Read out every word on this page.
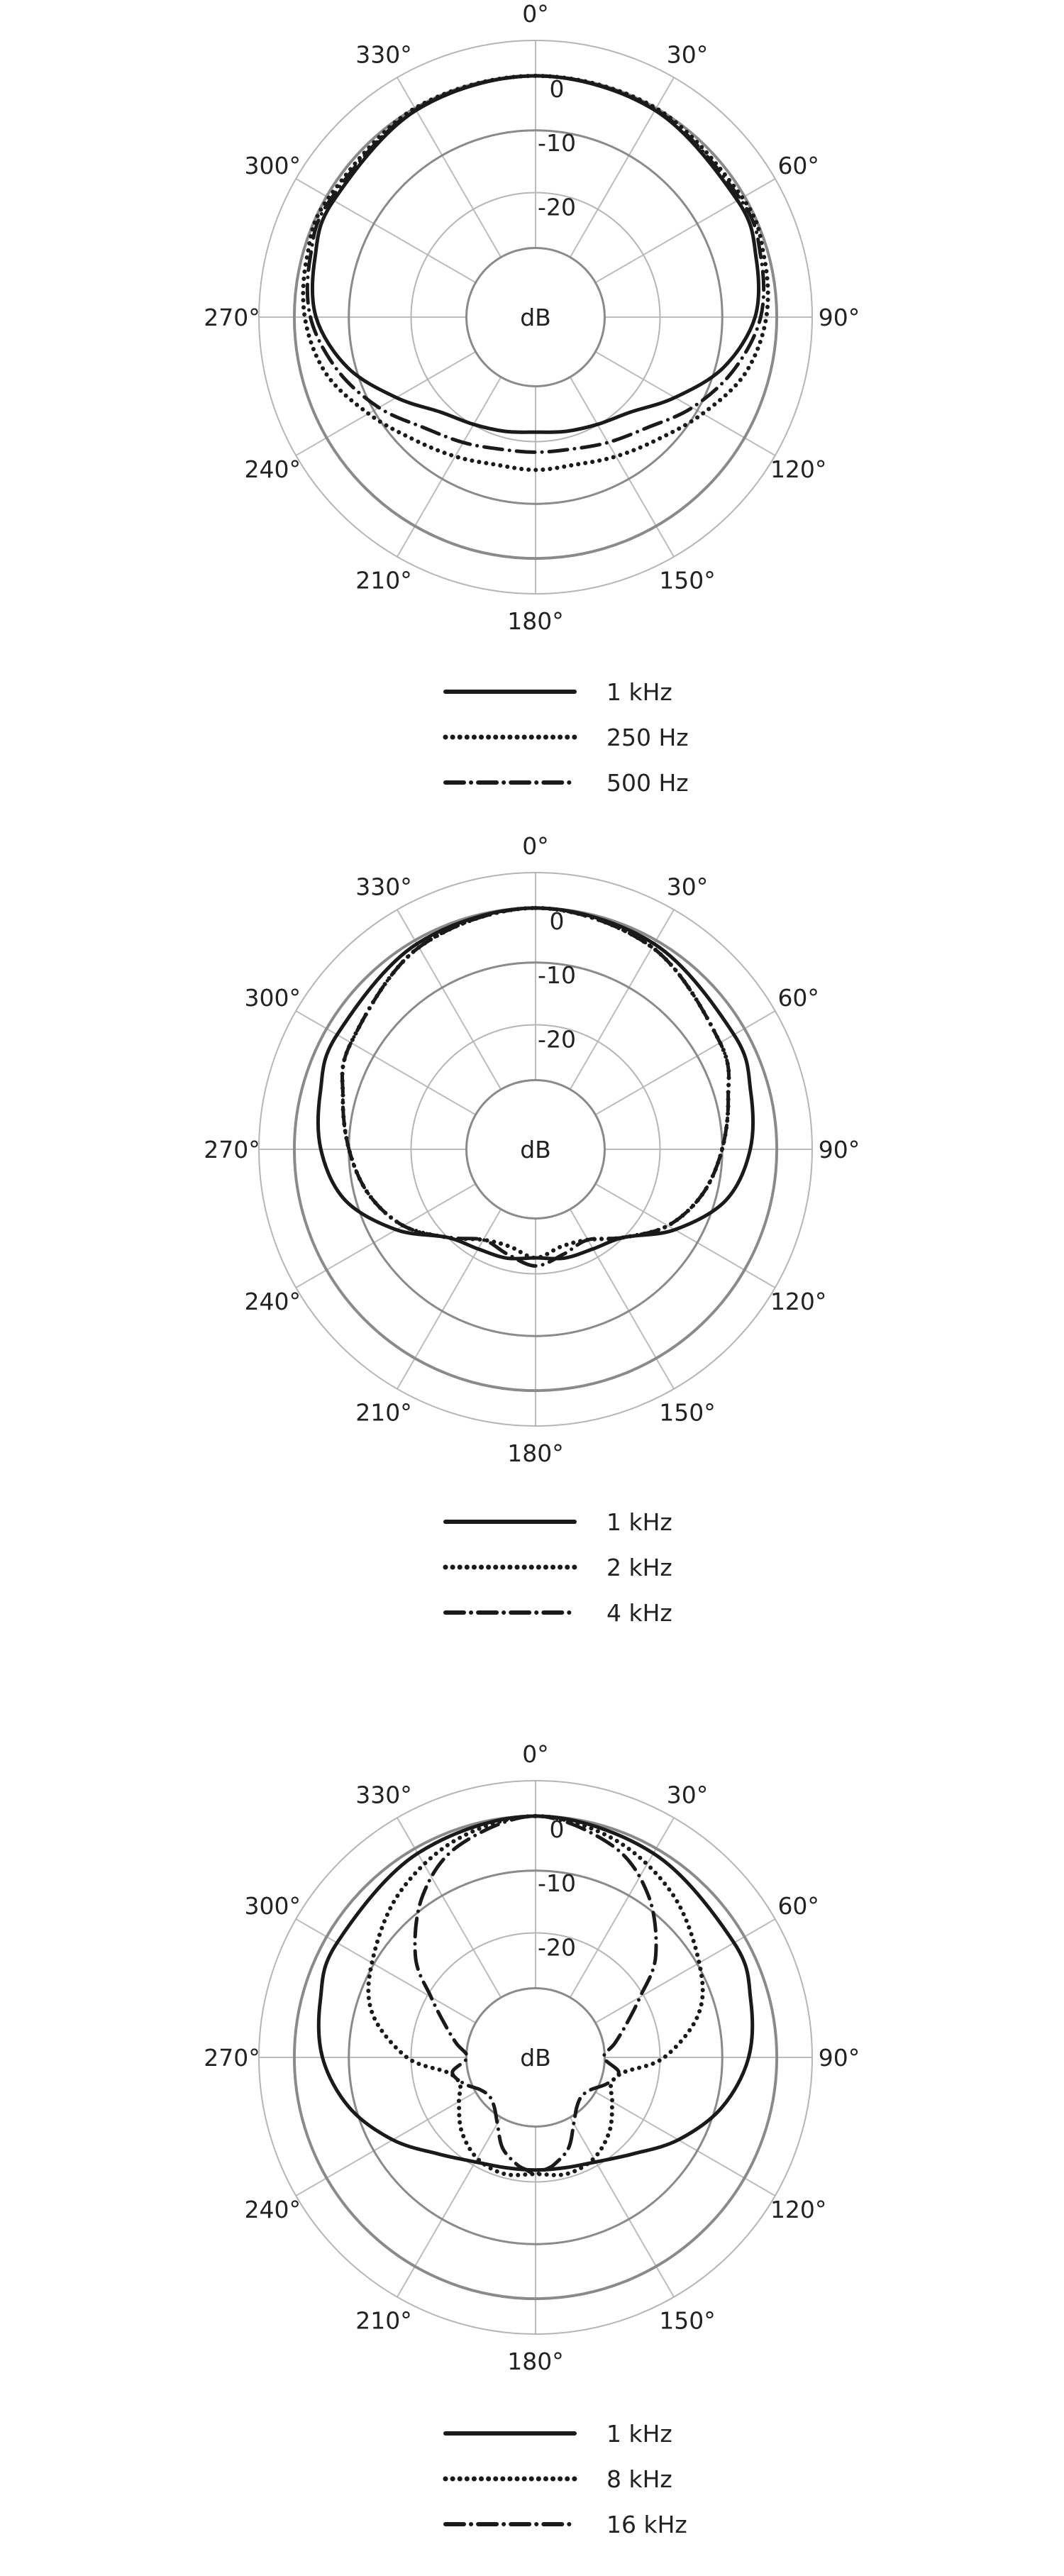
0
-10
-20
dB
0°
30°
60°
90°
120°
150°
180°
210°
240°
270°
300°
330°
1 kHz
250 Hz
500 Hz
0
-10
-20
dB
0°
30°
60°
90°
120°
150°
180°
210°
240°
270°
300°
330°
1 kHz
2 kHz
4 kHz
0
-10
-20
dB
0°
30°
60°
90°
120°
150°
180°
210°
240°
270°
300°
330°
1 kHz
8 kHz
16 kHz
